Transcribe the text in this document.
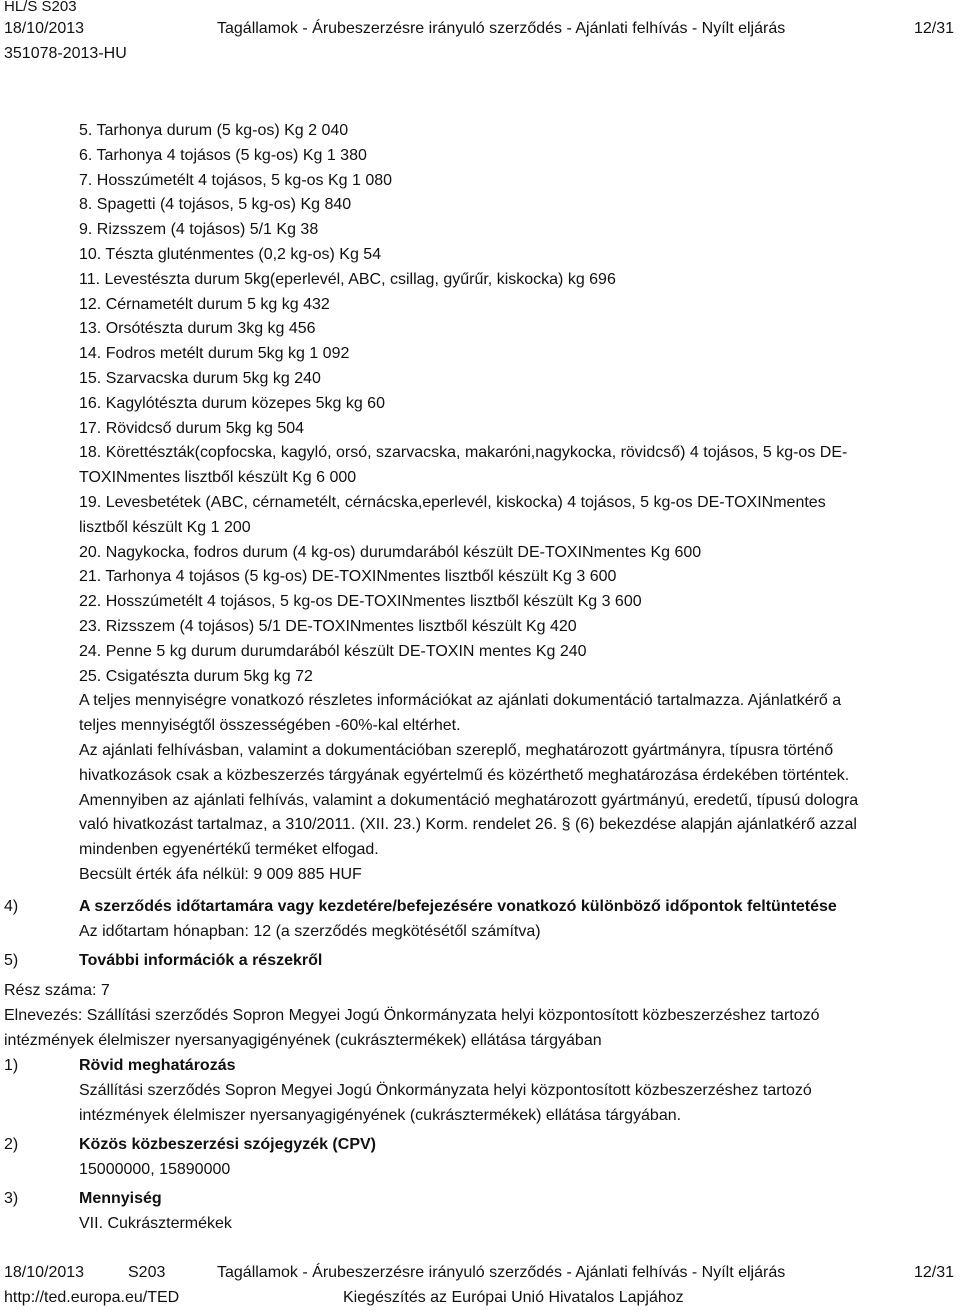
HL/S S203
18/10/2013	Tagállamok - Árubeszerzésre irányuló szerződés - Ajánlati felhívás - Nyílt eljárás	12/31
351078-2013-HU
5. Tarhonya durum (5 kg-os) Kg 2 040
6. Tarhonya 4 tojásos (5 kg-os) Kg 1 380
7. Hosszúmetélt 4 tojásos, 5 kg-os Kg 1 080
8. Spagetti (4 tojásos, 5 kg-os) Kg 840
9. Rizsszem (4 tojásos) 5/1 Kg 38
10. Tészta gluténmentes (0,2 kg-os) Kg 54
11. Levestészta durum 5kg(eperlevél, ABC, csillag, gyűrűr, kiskocka) kg 696
12. Cérnametélt durum 5 kg kg 432
13. Orsótészta durum 3kg kg 456
14. Fodros metélt durum 5kg kg 1 092
15. Szarvacska durum 5kg kg 240
16. Kagylótészta durum közepes 5kg kg 60
17. Rövidcső durum 5kg kg 504
18. Körettészták(copfocska, kagyló, orsó, szarvacska, makaróni,nagykocka, rövidcső) 4 tojásos, 5 kg-os DE-
TOXINmentes lisztből készült Kg 6 000
19. Levesbetétek (ABC, cérnametélt, cérnácska,eperlevél, kiskocka) 4 tojásos, 5 kg-os DE-TOXINmentes
lisztből készült Kg 1 200
20. Nagykocka, fodros durum (4 kg-os) durumdarából készült DE-TOXINmentes Kg 600
21. Tarhonya 4 tojásos (5 kg-os) DE-TOXINmentes lisztből készült Kg 3 600
22. Hosszúmetélt 4 tojásos, 5 kg-os DE-TOXINmentes lisztből készült Kg 3 600
23. Rizsszem (4 tojásos) 5/1 DE-TOXINmentes lisztből készült Kg 420
24. Penne 5 kg durum durumdarából készült DE-TOXIN mentes Kg 240
25. Csigatészta durum 5kg kg 72
A teljes mennyiségre vonatkozó részletes információkat az ajánlati dokumentáció tartalmazza. Ajánlatkérő a
teljes mennyiségtől összességében -60%-kal eltérhet.
Az ajánlati felhívásban, valamint a dokumentációban szereplő, meghatározott gyártmányra, típusra történő
hivatkozások csak a közbeszerzés tárgyának egyértelmű és közérthető meghatározása érdekében történtek.
Amennyiben az ajánlati felhívás, valamint a dokumentáció meghatározott gyártmányú, eredetű, típusú dologra
való hivatkozást tartalmaz, a 310/2011. (XII. 23.) Korm. rendelet 26. § (6) bekezdése alapján ajánlatkérő azzal
mindenben egyenértékű terméket elfogad.
Becsült érték áfa nélkül: 9 009 885 HUF
4)	A szerződés időtartamára vagy kezdetére/befejezésére vonatkozó különböző időpontok feltüntetése
Az időtartam hónapban: 12 (a szerződés megkötésétől számítva)
5)	További információk a részekről
Rész száma: 7
Elnevezés: Szállítási szerződés Sopron Megyei Jogú Önkormányzata helyi központosított közbeszerzéshez tartozó
intézmények élelmiszer nyersanyagigényének (cukrásztermékek) ellátása tárgyában
1)	Rövid meghatározás
Szállítási szerződés Sopron Megyei Jogú Önkormányzata helyi központosított közbeszerzéshez tartozó
intézmények élelmiszer nyersanyagigényének (cukrásztermékek) ellátása tárgyában.
2)	Közös közbeszerzési szójegyzék (CPV)
15000000, 15890000
3)	Mennyiség
VII. Cukrásztermékek
18/10/2013	S203	Tagállamok - Árubeszerzésre irányuló szerződés - Ajánlati felhívás - Nyílt eljárás	12/31
http://ted.europa.eu/TED	Kiegészítés az Európai Unió Hivatalos Lapjához
